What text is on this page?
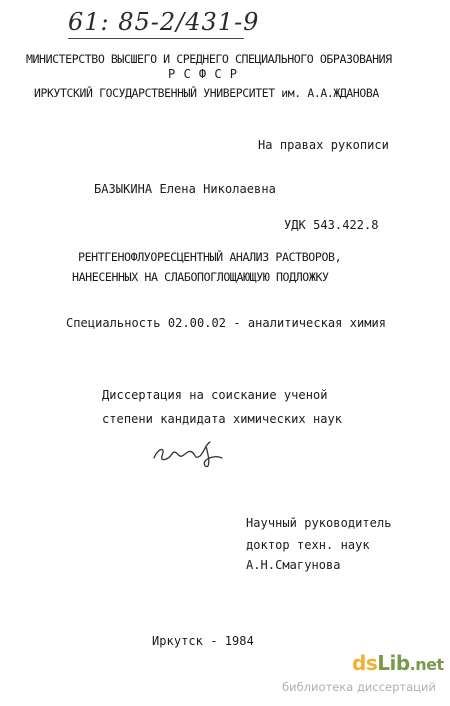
61: 85-2/431-9
МИНИСТЕРСТВО ВЫСШЕГО И СРЕДНЕГО СПЕЦИАЛЬНОГО ОБРАЗОВАНИЯ
Р С Ф С Р
ИРКУТСКИЙ ГОСУДАРСТВЕННЫЙ УНИВЕРСИТЕТ им. А.А.ЖДАНОВА
На правах рукописи
БАЗЫКИНА Елена Николаевна
УДК 543.422.8
РЕНТГЕНОФЛУОРЕСЦЕНТНЫЙ АНАЛИЗ РАСТВОРОВ,
НАНЕСЕННЫХ НА СЛАБОПОГЛОЩАЮЩУЮ ПОДЛОЖКУ
Специальность 02.00.02 - аналитическая химия
Диссертация на соискание ученой
степени кандидата химических наук
Научный руководитель
доктор техн. наук
А.Н.Смагунова
Иркутск - 1984
dsLib.net
библиотека диссертаций
